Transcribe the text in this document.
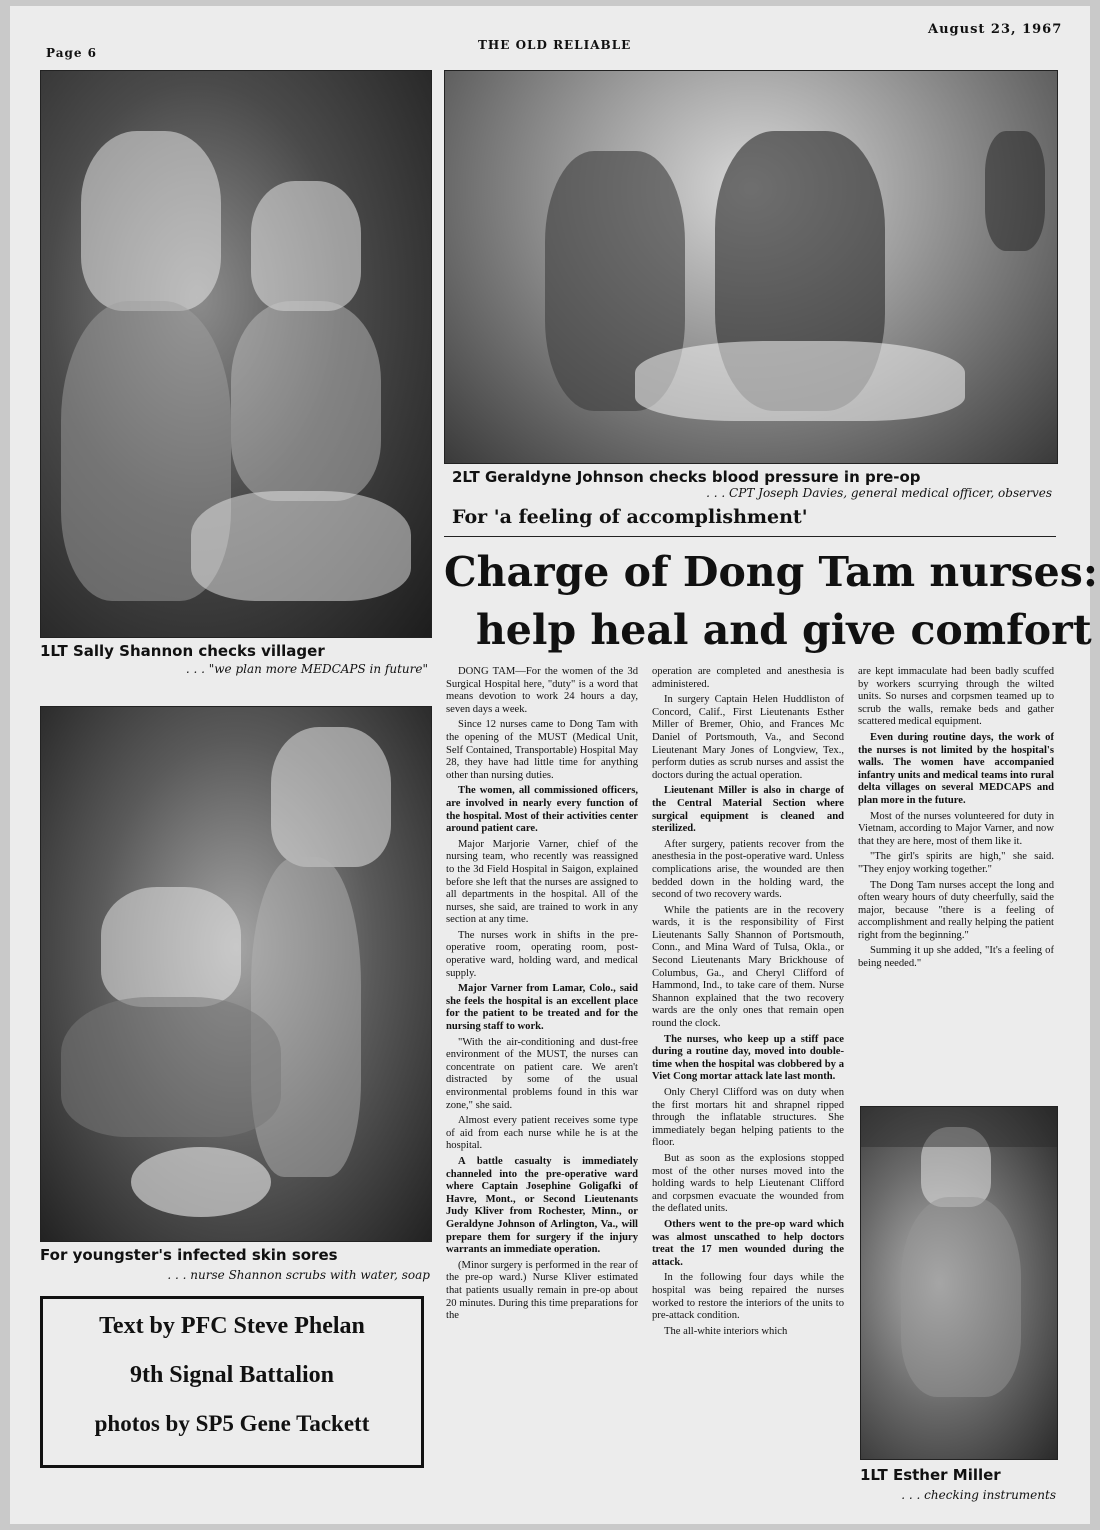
Page 6
THE OLD RELIABLE
August 23, 1967
1LT Sally Shannon checks villager
. . . "we plan more MEDCAPS in future"
2LT Geraldyne Johnson checks blood pressure in pre-op
. . . CPT Joseph Davies, general medical officer, observes
For 'a feeling of accomplishment'
Charge of Dong Tam nurses:
help heal and give comfort
For youngster's infected skin sores
. . . nurse Shannon scrubs with water, soap
Text by PFC Steve Phelan
9th Signal Battalion
photos by SP5 Gene Tackett

DONG TAM—For the women of the 3d Surgical Hospital here, "duty" is a word that means devotion to work 24 hours a day, seven days a week.

Since 12 nurses came to Dong Tam with the opening of the MUST (Medical Unit, Self Contained, Transportable) Hospital May 28, they have had little time for anything other than nursing duties.

The women, all commissioned officers, are involved in nearly every function of the hospital. Most of their activities center around patient care.

Major Marjorie Varner, chief of the nursing team, who recently was reassigned to the 3d Field Hospital in Saigon, explained before she left that the nurses are assigned to all departments in the hospital. All of the nurses, she said, are trained to work in any section at any time.

The nurses work in shifts in the pre-operative room, operating room, post-operative ward, holding ward, and medical supply.

Major Varner from Lamar, Colo., said she feels the hospital is an excellent place for the patient to be treated and for the nursing staff to work.

"With the air-conditioning and dust-free environment of the MUST, the nurses can concentrate on patient care. We aren't distracted by some of the usual environmental problems found in this war zone," she said.

Almost every patient receives some type of aid from each nurse while he is at the hospital.

A battle casualty is immediately channeled into the pre-operative ward where Captain Josephine Goligafki of Havre, Mont., or Second Lieutenants Judy Kliver from Rochester, Minn., or Geraldyne Johnson of Arlington, Va., will prepare them for surgery if the injury warrants an immediate operation.

(Minor surgery is performed in the rear of the pre-op ward.) Nurse Kliver estimated that patients usually remain in pre-op about 20 minutes. During this time preparations for the

operation are completed and anesthesia is administered.

In surgery Captain Helen Huddliston of Concord, Calif., First Lieutenants Esther Miller of Bremer, Ohio, and Frances Mc Daniel of Portsmouth, Va., and Second Lieutenant Mary Jones of Longview, Tex., perform duties as scrub nurses and assist the doctors during the actual operation.

Lieutenant Miller is also in charge of the Central Material Section where surgical equipment is cleaned and sterilized.

After surgery, patients recover from the anesthesia in the post-operative ward. Unless complications arise, the wounded are then bedded down in the holding ward, the second of two recovery wards.

While the patients are in the recovery wards, it is the responsibility of First Lieutenants Sally Shannon of Portsmouth, Conn., and Mina Ward of Tulsa, Okla., or Second Lieutenants Mary Brickhouse of Columbus, Ga., and Cheryl Clifford of Hammond, Ind., to take care of them. Nurse Shannon explained that the two recovery wards are the only ones that remain open round the clock.

The nurses, who keep up a stiff pace during a routine day, moved into double-time when the hospital was clobbered by a Viet Cong mortar attack late last month.

Only Cheryl Clifford was on duty when the first mortars hit and shrapnel ripped through the inflatable structures. She immediately began helping patients to the floor.

But as soon as the explosions stopped most of the other nurses moved into the holding wards to help Lieutenant Clifford and corpsmen evacuate the wounded from the deflated units.

Others went to the pre-op ward which was almost unscathed to help doctors treat the 17 men wounded during the attack.

In the following four days while the hospital was being repaired the nurses worked to restore the interiors of the units to pre-attack condition.

The all-white interiors which

are kept immaculate had been badly scuffed by workers scurrying through the wilted units. So nurses and corpsmen teamed up to scrub the walls, remake beds and gather scattered medical equipment.

Even during routine days, the work of the nurses is not limited by the hospital's walls. The women have accompanied infantry units and medical teams into rural delta villages on several MEDCAPS and plan more in the future.

Most of the nurses volunteered for duty in Vietnam, according to Major Varner, and now that they are here, most of them like it.

"The girl's spirits are high," she said. "They enjoy working together."

The Dong Tam nurses accept the long and often weary hours of duty cheerfully, said the major, because "there is a feeling of accomplishment and really helping the patient right from the beginning."

Summing it up she added, "It's a feeling of being needed."

1LT Esther Miller
. . . checking instruments
